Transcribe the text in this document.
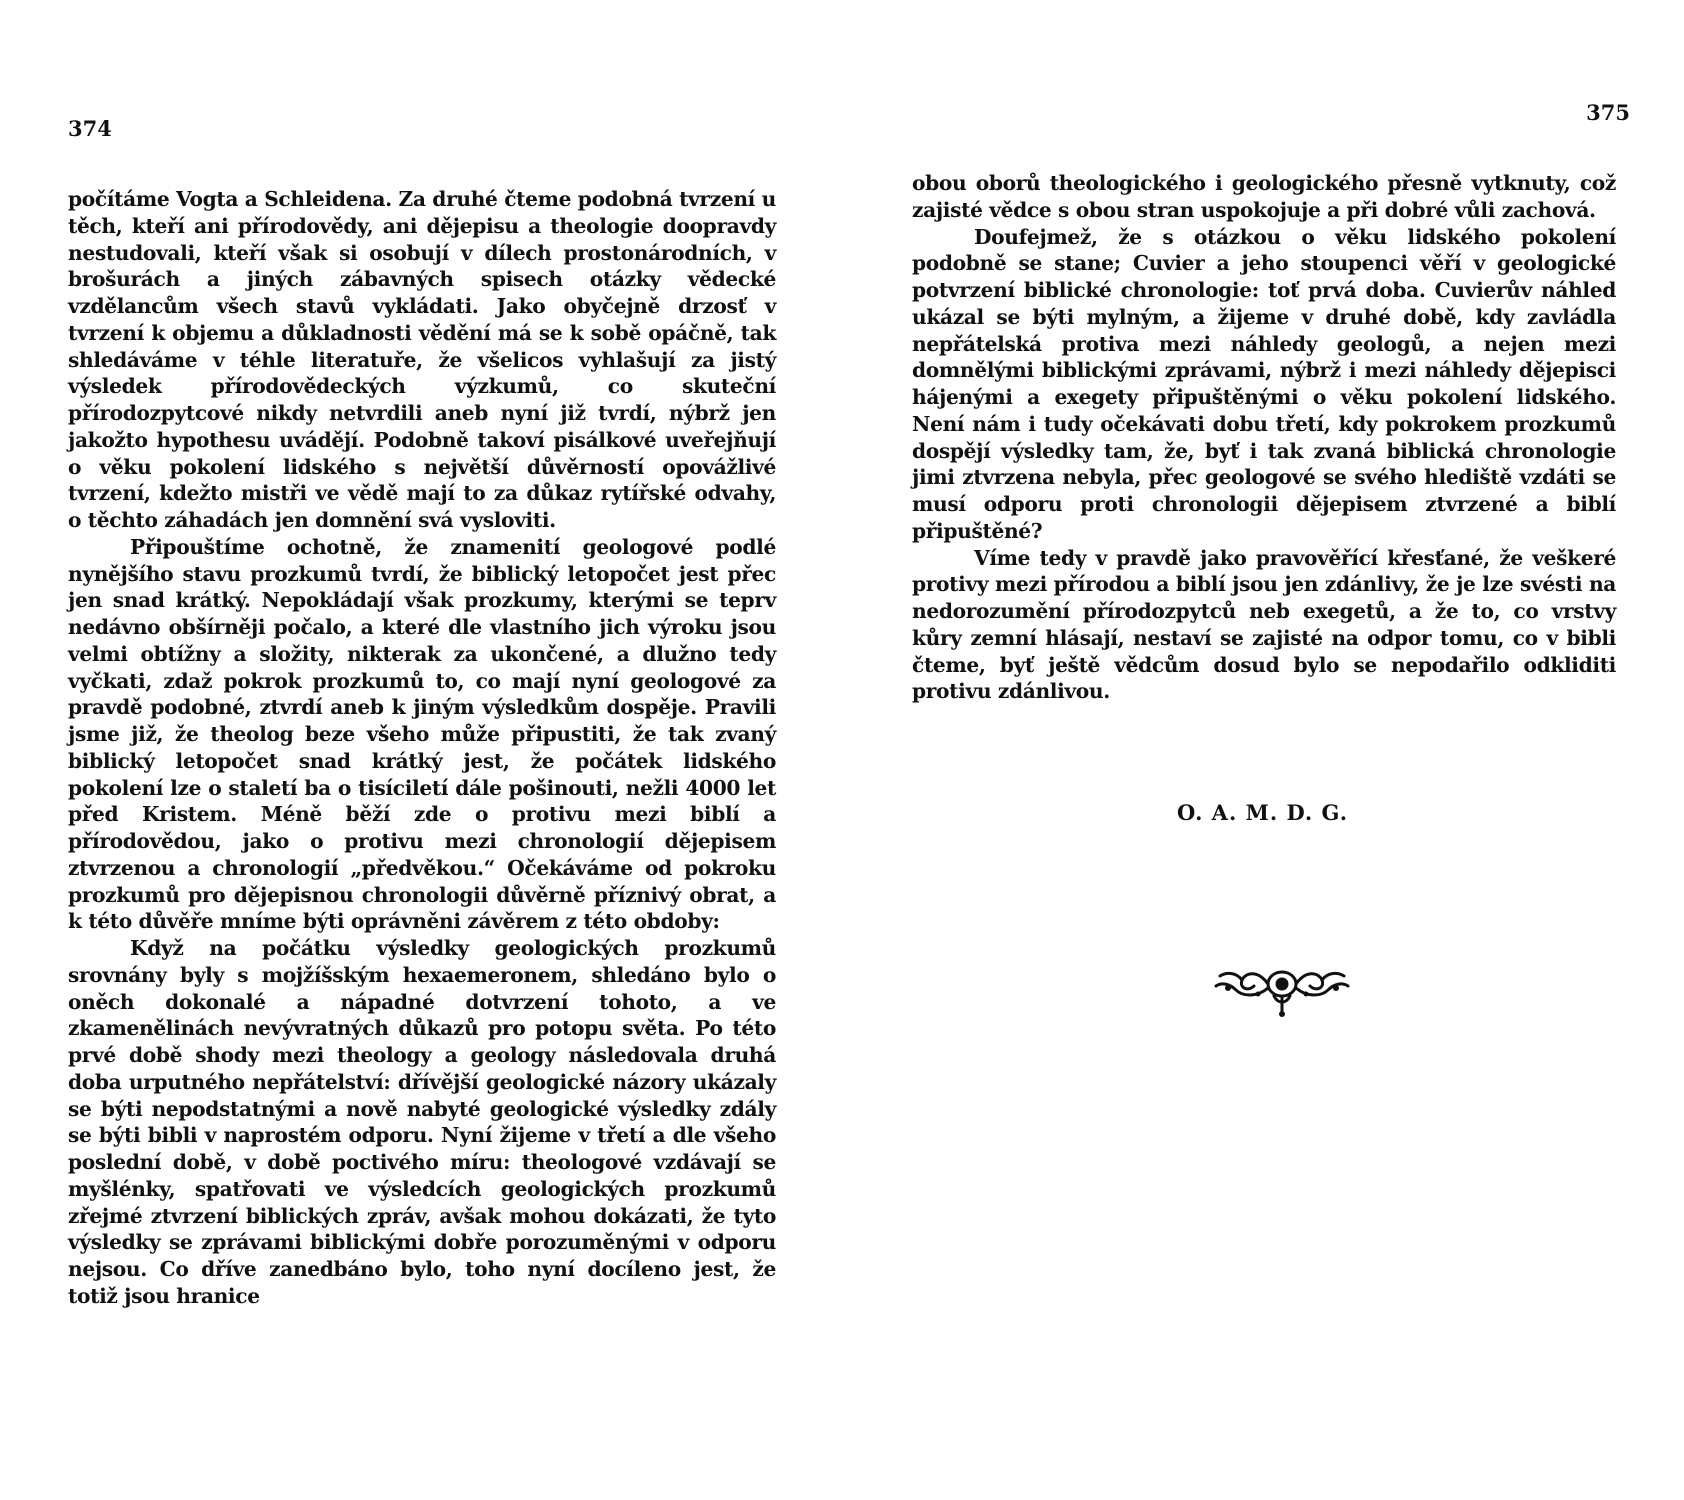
374

počítáme Vogta a Schleidena. Za druhé čteme podobná tvrzení u těch, kteří ani přírodovědy, ani dějepisu a theologie doopravdy nestudovali, kteří však si osobují v dílech prostonárodních, v brošurách a jiných zábavných spisech otázky vědecké vzdělancům všech stavů vykládati. Jako obyčejně drzosť v tvrzení k objemu a důkladnosti vědění má se k sobě opáčně, tak shledáváme v téhle literatuře, že všelicos vyhlašují za jistý výsledek přírodovědeckých výzkumů, co skuteční přírodozpytcové nikdy netvrdili aneb nyní již tvrdí, nýbrž jen jakožto hypothesu uvádějí. Podobně takoví pisálkové uveřejňují o věku pokolení lidského s největší důvěrností opovážlivé tvrzení, kdežto mistři ve vědě mají to za důkaz rytířské odvahy, o těchto záhadách jen domnění svá vysloviti.

Připouštíme ochotně, že znamenití geologové podlé nynějšího stavu prozkumů tvrdí, že biblický letopočet jest přec jen snad krátký. Nepokládají však prozkumy, kterými se teprv nedávno obšírněji počalo, a které dle vlastního jich výroku jsou velmi obtížny a složity, nikterak za ukončené, a dlužno tedy vyčkati, zdaž pokrok prozkumů to, co mají nyní geologové za pravdě podobné, ztvrdí aneb k jiným výsledkům dospěje. Pravili jsme již, že theolog beze všeho může připustiti, že tak zvaný biblický letopočet snad krátký jest, že počátek lidského pokolení lze o staletí ba o tisíciletí dále pošinouti, nežli 4000 let před Kristem. Méně běží zde o protivu mezi biblí a přírodovědou, jako o protivu mezi chronologií dějepisem ztvrzenou a chronologií „předvěkou.“ Očekáváme od pokroku prozkumů pro dějepisnou chronologii důvěrně příznivý obrat, a k této důvěře mníme býti oprávněni závěrem z této obdoby:

Když na počátku výsledky geologických prozkumů srovnány byly s mojžíšským hexaemeronem, shledáno bylo o oněch dokonalé a nápadné dotvrzení tohoto, a ve zkamenělinách nevývratných důkazů pro potopu světa. Po této prvé době shody mezi theology a geology následovala druhá doba urputného nepřátelství: dřívější geologické názory ukázaly se býti nepodstatnými a nově nabyté geologické výsledky zdály se býti bibli v naprostém odporu. Nyní žijeme v třetí a dle všeho poslední době, v době poctivého míru: theologové vzdávají se myšlénky, spatřovati ve výsledcích geologických prozkumů zřejmé ztvrzení biblických zpráv, avšak mohou dokázati, že tyto výsledky se zprávami biblickými dobře porozuměnými v odporu nejsou. Co dříve zanedbáno bylo, toho nyní docíleno jest, že totiž jsou hranice

375

obou oborů theologického i geologického přesně vytknuty, což zajisté vědce s obou stran uspokojuje a při dobré vůli zachová.

Doufejmež, že s otázkou o věku lidského pokolení podobně se stane; Cuvier a jeho stoupenci věří v geologické potvrzení biblické chronologie: toť prvá doba. Cuvierův náhled ukázal se býti mylným, a žijeme v druhé době, kdy zavládla nepřátelská protiva mezi náhledy geologů, a nejen mezi domnělými biblickými zprávami, nýbrž i mezi náhledy dějepisci hájenými a exegety připuštěnými o věku pokolení lidského. Není nám i tudy očekávati dobu třetí, kdy pokrokem prozkumů dospějí výsledky tam, že, byť i tak zvaná biblická chronologie jimi ztvrzena nebyla, přec geologové se svého hlediště vzdáti se musí odporu proti chronologii dějepisem ztvrzené a biblí připuštěné?

Víme tedy v pravdě jako pravověřící křesťané, že veškeré protivy mezi přírodou a biblí jsou jen zdánlivy, že je lze svésti na nedorozumění přírodozpytců neb exegetů, a že to, co vrstvy kůry zemní hlásají, nestaví se zajisté na odpor tomu, co v bibli čteme, byť ještě vědcům dosud bylo se nepodařilo odkliditi protivu zdánlivou.

O. A. M. D. G.
